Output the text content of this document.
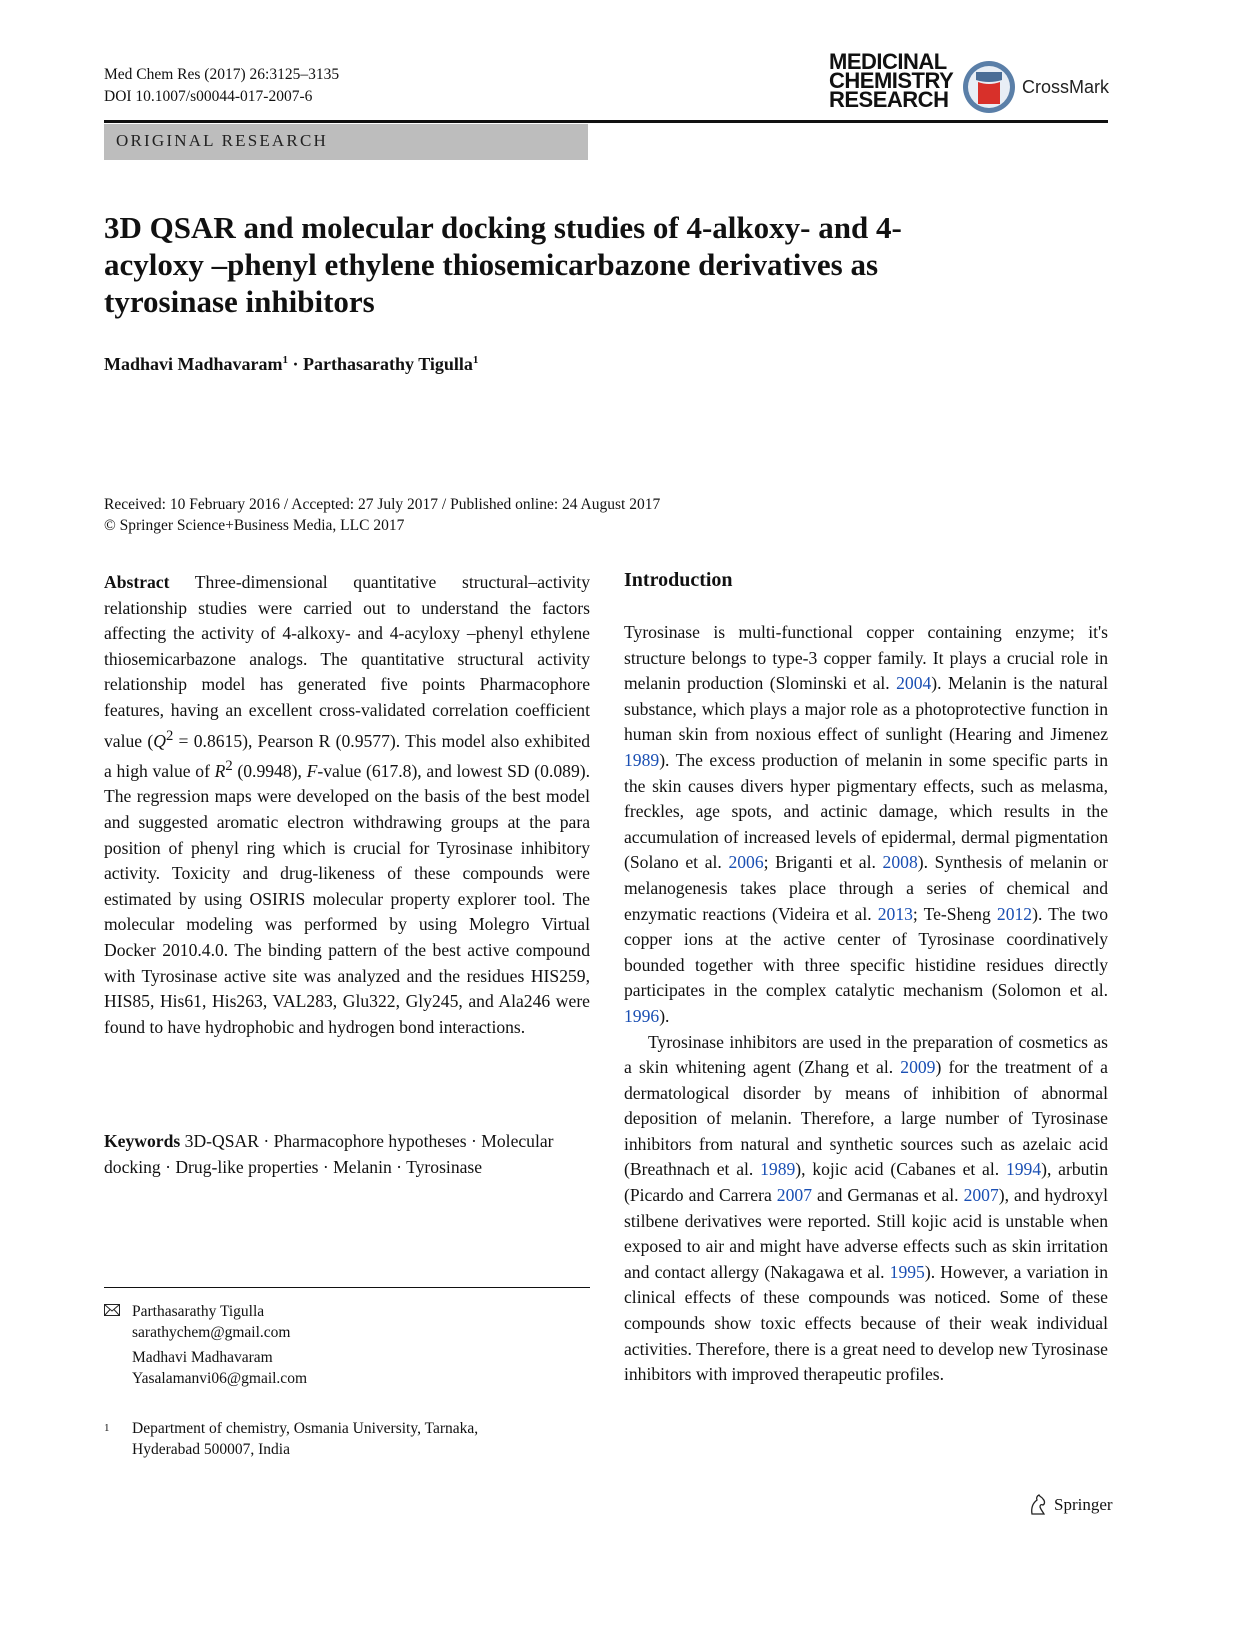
Med Chem Res (2017) 26:3125–3135
DOI 10.1007/s00044-017-2007-6
MEDICINAL
CHEMISTRY
RESEARCH	CrossMark
ORIGINAL RESEARCH
3D QSAR and molecular docking studies of 4-alkoxy- and 4-acyloxy –phenyl ethylene thiosemicarbazone derivatives as tyrosinase inhibitors
Madhavi Madhavaram$^1$ · Parthasarathy Tigulla$^1$
Received: 10 February 2016 / Accepted: 27 July 2017 / Published online: 24 August 2017
© Springer Science+Business Media, LLC 2017
Abstract Three-dimensional quantitative structural–activity relationship studies were carried out to understand the factors affecting the activity of 4-alkoxy- and 4-acyloxy –phenyl ethylene thiosemicarbazone analogs. The quantitative structural activity relationship model has generated five points Pharmacophore features, having an excellent cross-validated correlation coefficient value $(Q^2 = 0.8615)$, Pearson R (0.9577). This model also exhibited a high value of $R^2$ (0.9948), F-value (617.8), and lowest SD (0.089). The regression maps were developed on the basis of the best model and suggested aromatic electron withdrawing groups at the para position of phenyl ring which is crucial for Tyrosinase inhibitory activity. Toxicity and drug-likeness of these compounds were estimated by using OSIRIS molecular property explorer tool. The molecular modeling was performed by using Molegro Virtual Docker 2010.4.0. The binding pattern of the best active compound with Tyrosinase active site was analyzed and the residues HIS259, HIS85, His61, His263, VAL283, Glu322, Gly245, and Ala246 were found to have hydrophobic and hydrogen bond interactions.
Keywords 3D-QSAR · Pharmacophore hypotheses · Molecular docking · Drug-like properties · Melanin · Tyrosinase
Parthasarathy Tigulla
sarathychem@gmail.com
Madhavi Madhavaram
Yasalamanvi06@gmail.com
1	Department of chemistry, Osmania University, Tarnaka,
Hyderabad 500007, India
Introduction

Tyrosinase is multi-functional copper containing enzyme; it's structure belongs to type-3 copper family. It plays a crucial role in melanin production (Slominski et al. 2004). Melanin is the natural substance, which plays a major role as a photoprotective function in human skin from noxious effect of sunlight (Hearing and Jimenez 1989). The excess production of melanin in some specific parts in the skin causes divers hyper pigmentary effects, such as melasma, freckles, age spots, and actinic damage, which results in the accumulation of increased levels of epidermal, dermal pigmentation (Solano et al. 2006; Briganti et al. 2008). Synthesis of melanin or melanogenesis takes place through a series of chemical and enzymatic reactions (Videira et al. 2013; Te-Sheng 2012). The two copper ions at the active center of Tyrosinase coordinatively bounded together with three specific histidine residues directly participates in the complex catalytic mechanism (Solomon et al. 1996).

Tyrosinase inhibitors are used in the preparation of cosmetics as a skin whitening agent (Zhang et al. 2009) for the treatment of a dermatological disorder by means of inhibition of abnormal deposition of melanin. Therefore, a large number of Tyrosinase inhibitors from natural and synthetic sources such as azelaic acid (Breathnach et al. 1989), kojic acid (Cabanes et al. 1994), arbutin (Picardo and Carrera 2007 and Germanas et al. 2007), and hydroxyl stilbene derivatives were reported. Still kojic acid is unstable when exposed to air and might have adverse effects such as skin irritation and contact allergy (Nakagawa et al. 1995). However, a variation in clinical effects of these compounds was noticed. Some of these compounds show toxic effects because of their weak individual activities. Therefore, there is a great need to develop new Tyrosinase inhibitors with improved therapeutic profiles.

Springer
